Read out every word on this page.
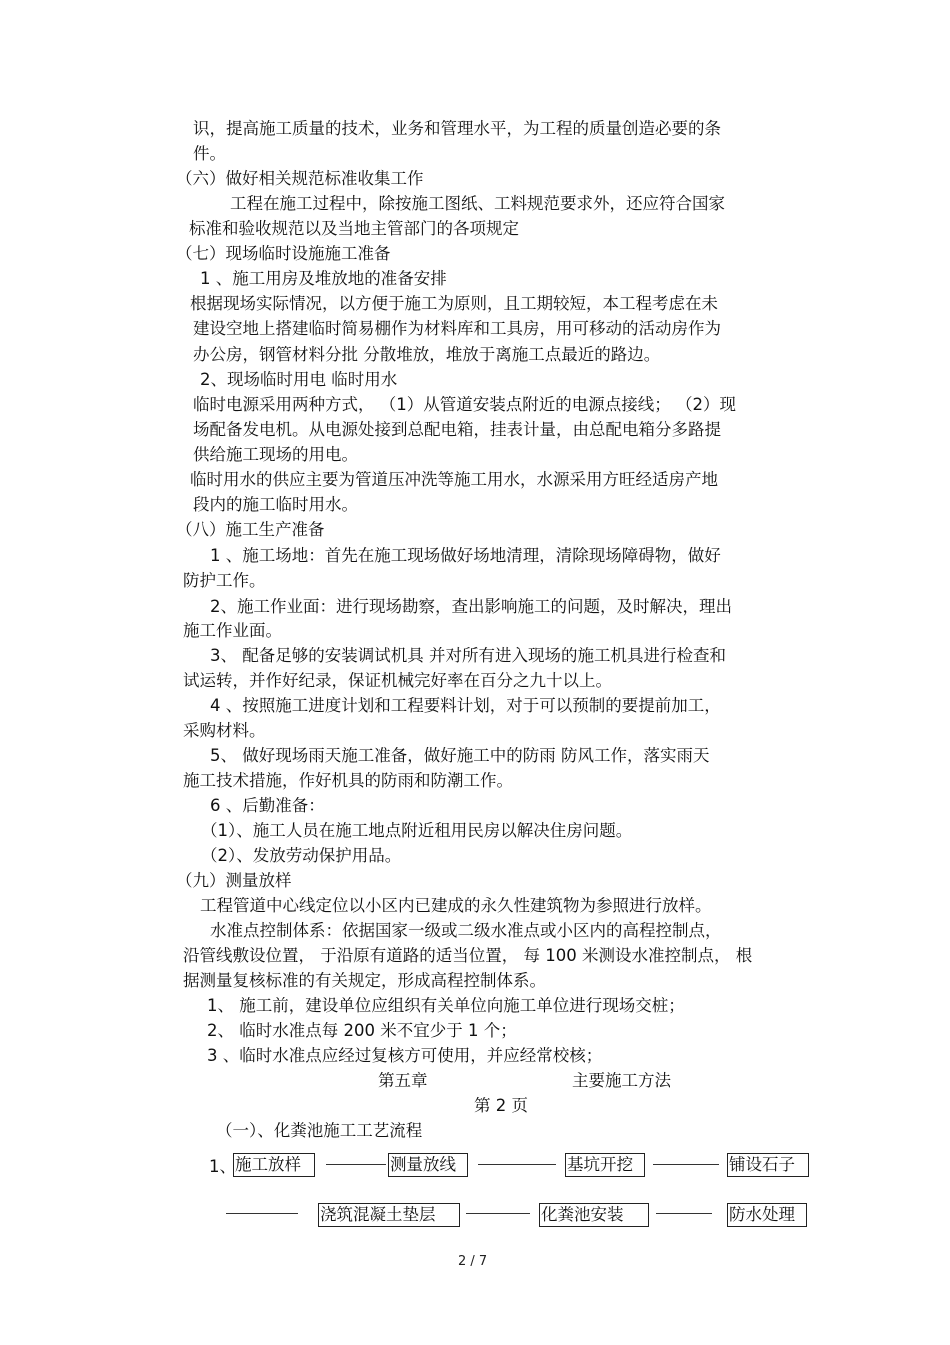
识，提高施工质量的技术，业务和管理水平，为工程的质量创造必要的条
件。
（六）做好相关规范标准收集工作
工程在施工过程中，除按施工图纸、工料规范要求外，还应符合国家
标准和验收规范以及当地主管部门的各项规定
（七）现场临时设施施工准备
1 、施工用房及堆放地的准备安排
根据现场实际情况，以方便于施工为原则，且工期较短，本工程考虑在未
建设空地上搭建临时简易棚作为材料库和工具房，用可移动的活动房作为
办公房，钢管材料分批 分散堆放，堆放于离施工点最近的路边。
2、现场临时用电 临时用水
临时电源采用两种方式， （1）从管道安装点附近的电源点接线； （2）现
场配备发电机。从电源处接到总配电箱，挂表计量，由总配电箱分多路提
供给施工现场的用电。
临时用水的供应主要为管道压冲洗等施工用水，水源采用方旺经适房产地
段内的施工临时用水。
（八）施工生产准备
1 、施工场地：首先在施工现场做好场地清理，清除现场障碍物，做好
防护工作。
2、施工作业面：进行现场勘察，查出影响施工的问题，及时解决，理出
施工作业面。
3、 配备足够的安装调试机具 并对所有进入现场的施工机具进行检查和
试运转，并作好纪录，保证机械完好率在百分之九十以上。
4 、按照施工进度计划和工程要料计划，对于可以预制的要提前加工，
采购材料。
5、 做好现场雨天施工准备，做好施工中的防雨 防风工作，落实雨天
施工技术措施，作好机具的防雨和防潮工作。
6 、后勤准备：
（1）、施工人员在施工地点附近租用民房以解决住房问题。
（2）、发放劳动保护用品。
（九）测量放样
工程管道中心线定位以小区内已建成的永久性建筑物为参照进行放样。
水准点控制体系：依据国家一级或二级水准点或小区内的高程控制点，
沿管线敷设位置， 于沿原有道路的适当位置， 每 100 米测设水准控制点， 根
据测量复核标准的有关规定，形成高程控制体系。
1、 施工前，建设单位应组织有关单位向施工单位进行现场交桩；
2、 临时水准点每 200 米不宜少于 1 个；
3 、临时水准点应经过复核方可使用，并应经常校核；
第五章	主要施工方法
第 2 页
（一）、化粪池施工工艺流程
1、 施工放样	测量放线	基坑开挖	铺设石子
浇筑混凝土垫层	化粪池安装	防水处理
2 / 7
